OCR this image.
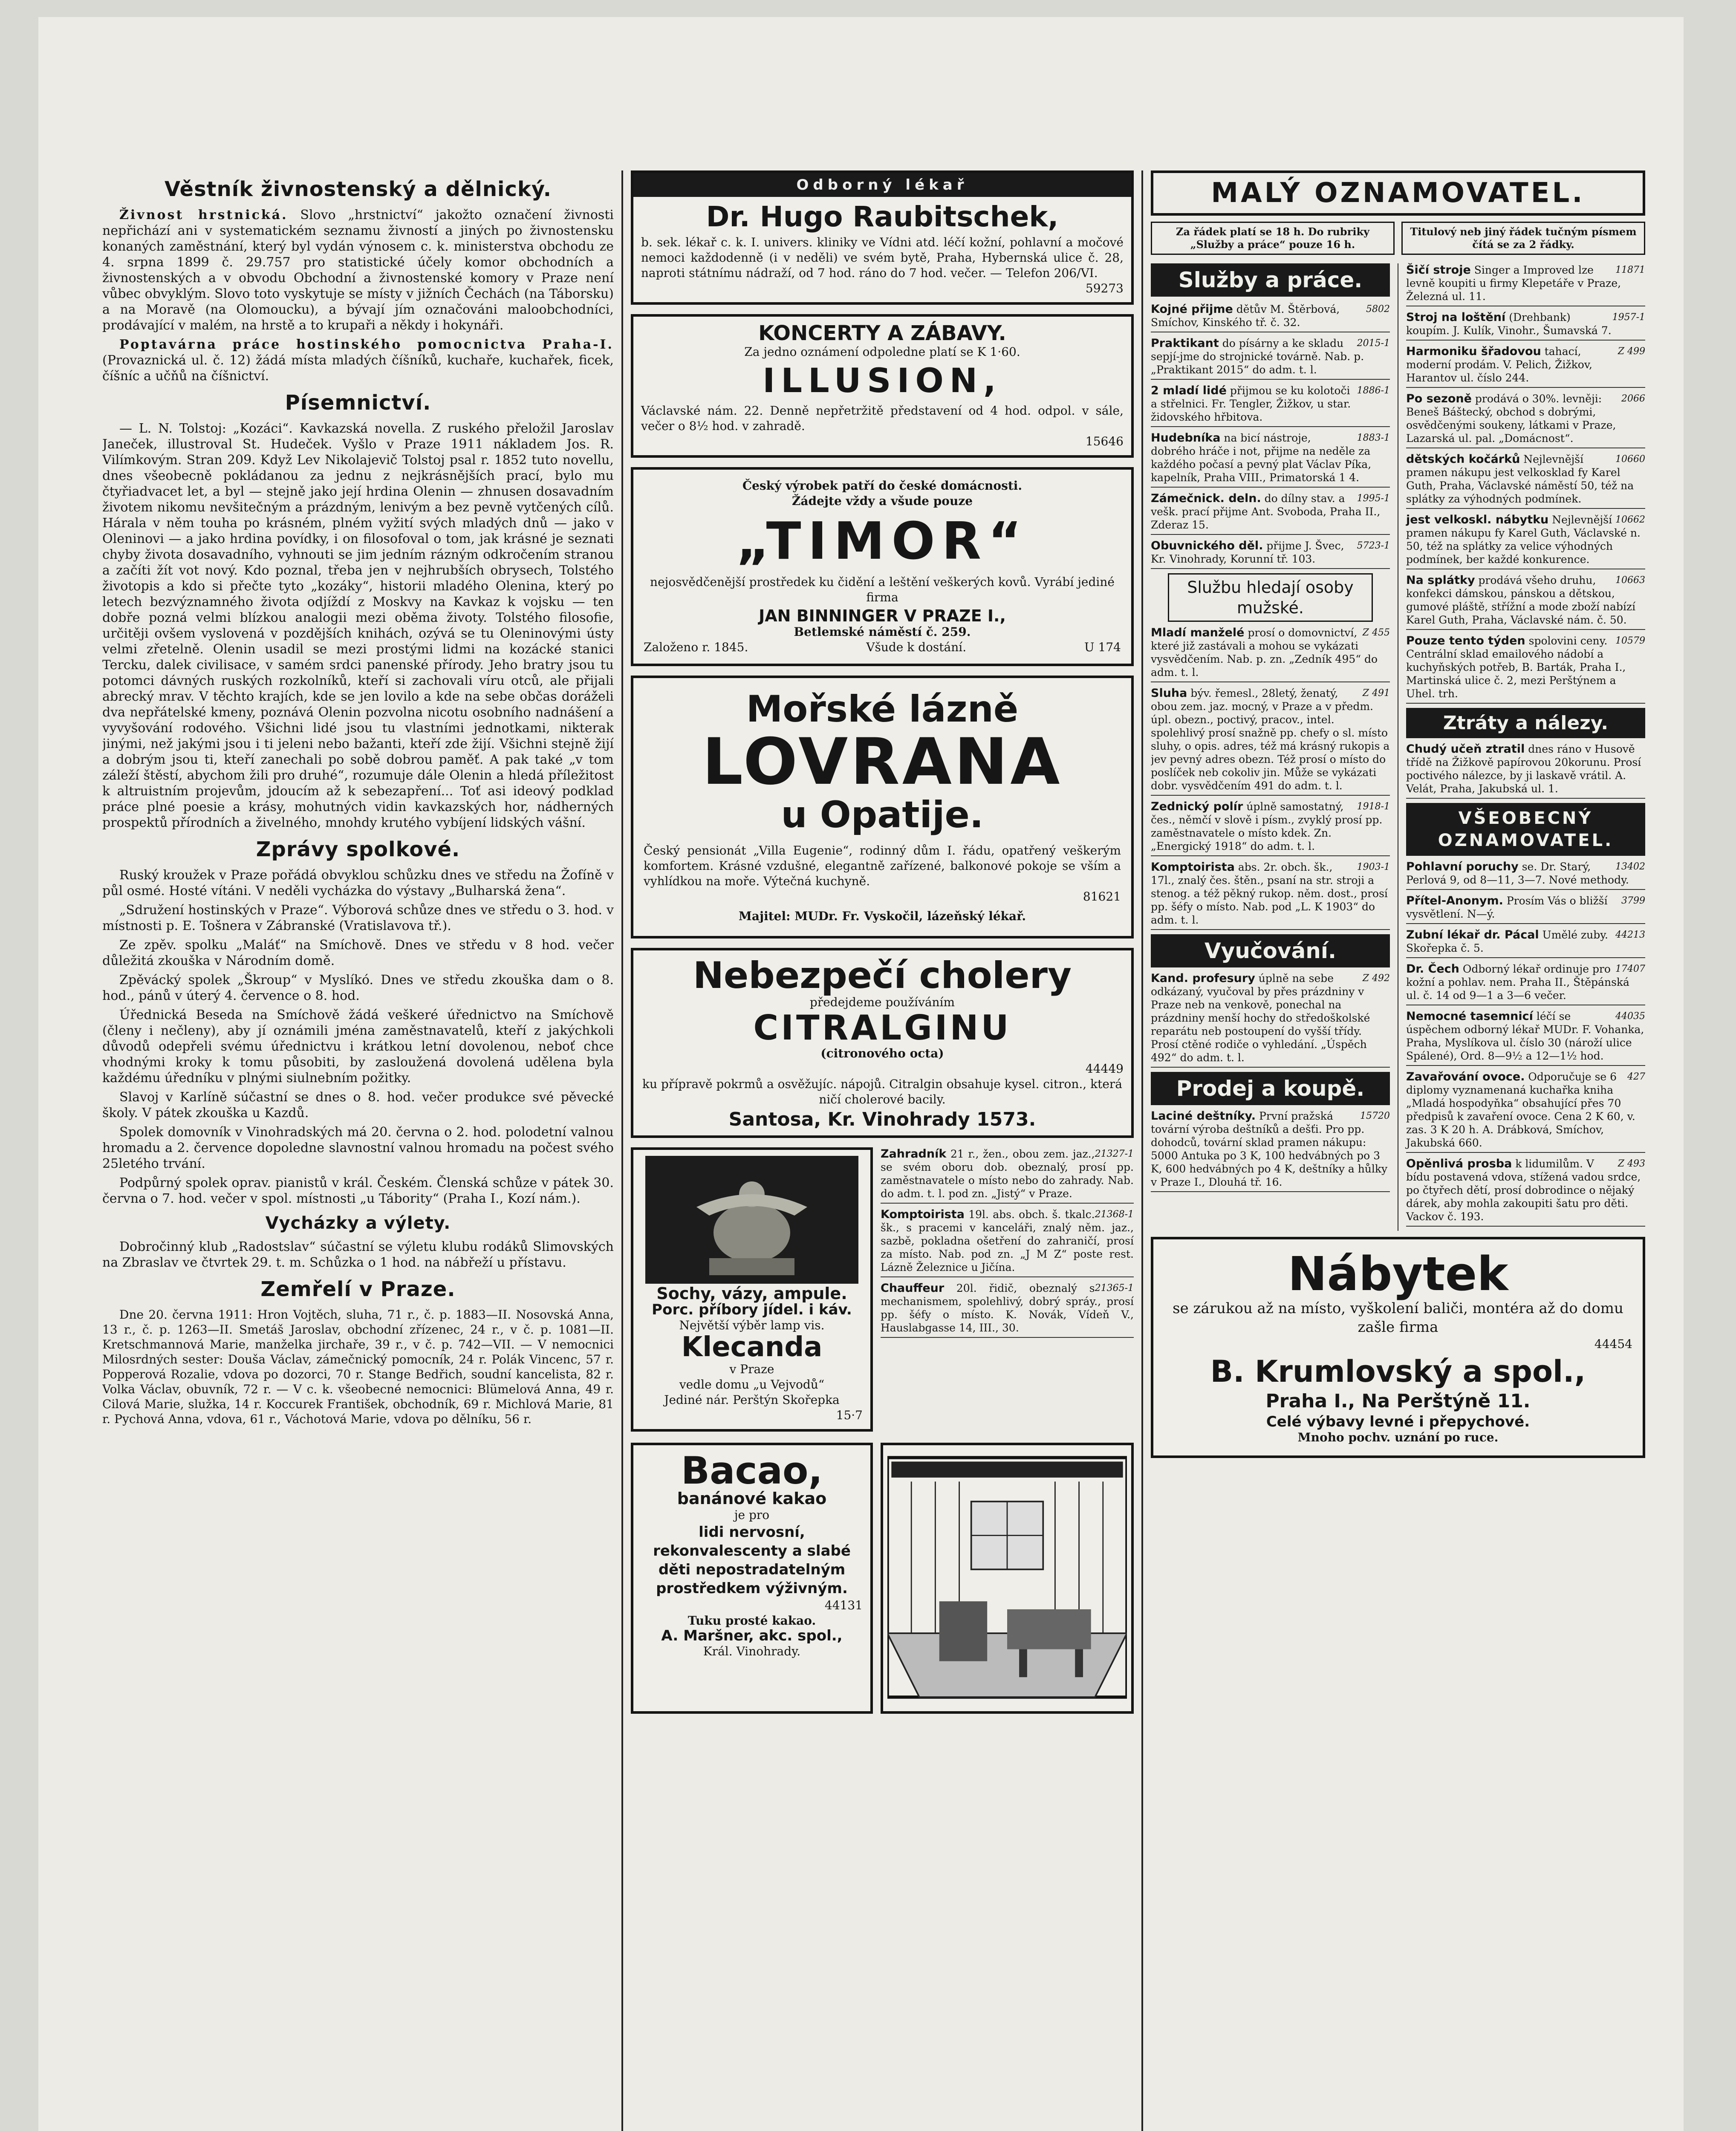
Věstník živnostenský a dělnický.

Živnost hrstnická. Slovo „hrstnictví“ jakožto označení živnosti nepřichází ani v systematickém seznamu živností a jiných po živnostensku konaných zaměstnání, který byl vydán výnosem c. k. ministerstva obchodu ze 4. srpna 1899 č. 29.757 pro statistické účely komor obchodních a živnostenských a v obvodu Obchodní a živnostenské komory v Praze není vůbec obvyklým. Slovo toto vyskytuje se místy v jižních Čechách (na Táborsku) a na Moravě (na Olomoucku), a bývají jím označováni maloobchodníci, prodávající v malém, na hrstě a to krupaři a někdy i hokynáři.

Poptavárna práce hostinského pomocnictva Praha-I. (Provaznická ul. č. 12) žádá místa mladých číšníků, kuchaře, kuchařek, ficek, číšníc a učňů na číšnictví.

Písemnictví.

— L. N. Tolstoj: „Kozáci“. Kavkazská novella. Z ruského přeložil Jaroslav Janeček, illustroval St. Hudeček. Vyšlo v Praze 1911 nákladem Jos. R. Vilímkovým. Stran 209. Když Lev Nikolajevič Tolstoj psal r. 1852 tuto novellu, dnes všeobecně pokládanou za jednu z nejkrásnějších prací, bylo mu čtyřiadvacet let, a byl — stejně jako její hrdina Olenin — zhnusen dosavadním životem nikomu nevšitečným a prázdným, lenivým a bez pevně vytčených cílů. Hárala v něm touha po krásném, plném vyžití svých mladých dnů — jako v Oleninovi — a jako hrdina povídky, i on filosofoval o tom, jak krásné je seznati chyby života dosavadního, vyhnouti se jim jedním rázným odkročením stranou a začíti žít vot nový. Kdo poznal, třeba jen v nejhrubších obrysech, Tolstého životopis a kdo si přečte tyto „kozáky“, historii mladého Olenina, který po letech bezvýznamného života odjíždí z Moskvy na Kavkaz k vojsku — ten dobře pozná velmi blízkou analogii mezi oběma životy. Tolstého filosofie, určitěji ovšem vyslovená v pozdějších knihách, ozývá se tu Oleninovými ústy velmi zřetelně. Olenin usadil se mezi prostými lidmi na kozácké stanici Tercku, dalek civilisace, v samém srdci panenské přírody. Jeho bratry jsou tu potomci dávných ruských rozkolníků, kteří si zachovali víru otců, ale přijali abrecký mrav. V těchto krajích, kde se jen lovilo a kde na sebe občas doráželi dva nepřátelské kmeny, poznává Olenin pozvolna nicotu osobního nadnášení a vyvyšování rodového. Všichni lidé jsou tu vlastními jednotkami, nikterak jinými, než jakými jsou i ti jeleni nebo bažanti, kteří zde žijí. Všichni stejně žijí a dobrým jsou ti, kteří zanechali po sobě dobrou paměť. A pak také „v tom záleží štěstí, abychom žili pro druhé“, rozumuje dále Olenin a hledá příležitost k altruistním projevům, jdoucím až k sebezapření... Toť asi ideový podklad práce plné poesie a krásy, mohutných vidin kavkazských hor, nádherných prospektů přírodních a živelného, mnohdy krutého vybíjení lidských vášní.

Zprávy spolkové.

Ruský kroužek v Praze pořádá obvyklou schůzku dnes ve středu na Žofíně v půl osmé. Hosté vítáni. V neděli vycházka do výstavy „Bulharská žena“.

„Sdružení hostinských v Praze“. Výborová schůze dnes ve středu o 3. hod. v místnosti p. E. Tošnera v Zábranské (Vratislavova tř.).

Ze zpěv. spolku „Maláť“ na Smíchově. Dnes ve středu v 8 hod. večer důležitá zkouška v Národním domě.

Zpěvácký spolek „Škroup“ v Myslíkó. Dnes ve středu zkouška dam o 8. hod., pánů v úterý 4. července o 8. hod.

Úřednická Beseda na Smíchově žádá veškeré úřednictvo na Smíchově (členy i nečleny), aby jí oznámili jména zaměstnavatelů, kteří z jakýchkoli důvodů odepřeli svému úřednictvu i krátkou letní dovolenou, neboť chce vhodnými kroky k tomu působiti, by zasloužená dovolená udělena byla každému úředníku v plnými siulnebním požitky.

Slavoj v Karlíně súčastní se dnes o 8. hod. večer produkce své pěvecké školy. V pátek zkouška u Kazdů.

Spolek domovník v Vinohradských má 20. června o 2. hod. polodetní valnou hromadu a 2. července dopoledne slavnostní valnou hromadu na počest svého 25letého trvání.

Podpůrný spolek oprav. pianistů v král. Českém. Členská schůze v pátek 30. června o 7. hod. večer v spol. místnosti „u Tábority“ (Praha I., Kozí nám.).

Vycházky a výlety.

Dobročinný klub „Radostslav“ súčastní se výletu klubu rodáků Slimovských na Zbraslav ve čtvrtek 29. t. m. Schůzka o 1 hod. na nábřeží u přístavu.

Zemřelí v Praze.

Dne 20. června 1911: Hron Vojtěch, sluha, 71 r., č. p. 1883—II. Nosovská Anna, 13 r., č. p. 1263—II. Smetáš Jaroslav, obchodní zřízenec, 24 r., v č. p. 1081—II. Kretschmannová Marie, manželka jirchaře, 39 r., v č. p. 742—VII. — V nemocnici Milosrdných sester: Douša Václav, zámečnický pomocník, 24 r. Polák Vincenc, 57 r. Popperová Rozalie, vdova po dozorci, 70 r. Stange Bedřich, soudní kancelista, 82 r. Volka Václav, obuvník, 72 r. — V c. k. všeobecné nemocnici: Blümelová Anna, 49 r. Cilová Marie, služka, 14 r. Koccurek František, obchodník, 69 r. Michlová Marie, 81 r. Pychová Anna, vdova, 61 r., Váchotová Marie, vdova po dělníku, 56 r.

Odborný lékař
Dr. Hugo Raubitschek,
b. sek. lékař c. k. I. univers. kliniky ve Vídni atd. léčí kožní, pohlavní a močové nemoci každodenně (i v neděli) ve svém bytě, Praha, Hybernská ulice č. 28, naproti státnímu nádraží, od 7 hod. ráno do 7 hod. večer. — Telefon 206/VI.
59273
KONCERTY A ZÁBAVY.
Za jedno oznámení odpoledne platí se K 1·60.
ILLUSION,
Václavské nám. 22. Denně nepřetržitě představení od 4 hod. odpol. v sále, večer o 8½ hod. v zahradě.
15646
Český výrobek patří do české domácnosti.
Žádejte vždy a všude pouze
„TIMOR“
nejosvědčenější prostředek ku čidění a leštění veškerých kovů. Vyrábí jediné firma
JAN BINNINGER V PRAZE I.,
Betlemské náměstí č. 259.
Založeno r. 1845.	Všude k dostání.	U 174
Mořské lázně
LOVRANA
u Opatije.
Český pensionát „Villa Eugenie“, rodinný dům I. řádu, opatřený veškerým komfortem. Krásné vzdušné, elegantně zařízené, balkonové pokoje se vším a vyhlídkou na moře. Výtečná kuchyně.
81621
Majitel: MUDr. Fr. Vyskočil, lázeňský lékař.
Nebezpečí cholery
předejdeme používáním
CITRALGINU
(citronového octa)
44449
ku přípravě pokrmů a osvěžujíc. nápojů. Citralgin obsahuje kysel. citron., která ničí cholerové bacily.
Santosa, Kr. Vinohrady 1573.
Sochy, vázy, ampule.
Porc. příbory jídel. i káv.
Největší výběr lamp vis.
Klecanda
v Praze
vedle domu „u Vejvodů“
Jediné nár. Perštýn Skořepka
15·7
Zahradník	21327-1
21 r., žen., obou zem. jaz., se svém oboru dob. obeznalý, prosí pp. zaměstnavatele o místo nebo do zahrady. Nab. do adm. t. l. pod zn. „Jistý“ v Praze.
Komptoirista	21368-1
19l. abs. obch. š. tkalc. šk., s pracemi v kanceláři, znalý něm. jaz., sazbě, pokladna ošetření do zahraničí, prosí za místo. Nab. pod zn. „J M Z“ poste rest. Lázně Železnice u Jičína.
Chauffeur	21365-1
20l. řidič, obeznalý s mechanismem, spolehlivý, dobrý spráy., prosí pp. šéfy o místo. K. Novák, Vídeň V., Hauslabgasse 14, III., 30.
Bacao,
banánové kakao
je pro
lidi nervosní, rekonvalescenty a slabé děti nepostradatelným prostředkem výživným.
44131
Tuku prosté kakao.
A. Maršner, akc. spol.,
Král. Vinohrady.
MALÝ OZNAMOVATEL.
Za řádek platí se 18 h. Do rubriky „Služby a práce“ pouze 16 h.
Titulový neb jiný řádek tučným písmem čítá se za 2 řádky.
Služby a práce.
Kojné přijme	5802
dětův M. Štěrbová, Smíchov, Kinského tř. č. 32.
Praktikant	2015-1
do písárny a ke skladu sepjí-jme do strojnické továrně. Nab. p. „Praktikant 2015“ do adm. t. l.
2 mladí lidé	1886-1
přijmou se ku kolotoči a střelnici. Fr. Tengler, Žižkov, u star. židovského hřbitova.
Hudebníka	1883-1
na bicí nástroje, dobrého hráče i not, přijme na neděle za každého počasí a pevný plat Václav Píka, kapelník, Praha VIII., Primatorská 1 4.
Zámečnick. deln.	1995-1
do dílny stav. a vešk. prací přijme Ant. Svoboda, Praha II., Zderaz 15.
Obuvnického děl.	5723-1
přijme J. Švec, Kr. Vinohrady, Korunní tř. 103.
Službu hledají osoby mužské.
Mladí manželé	Z 455
prosí o domovnictví, které již zastávali a mohou se vykázati vysvědčením. Nab. p. zn. „Zedník 495“ do adm. t. l.
Sluha	Z 491
býv. řemesl., 28letý, ženatý, obou zem. jaz. mocný, v Praze a v předm. úpl. obezn., poctivý, pracov., intel. spolehlivý prosí snažně pp. chefy o sl. místo sluhy, o opis. adres, též má krásný rukopis a jev pevný adres obezn. Též prosí o místo do poslíček neb cokoliv jin. Může se vykázati dobr. vysvědčením 491 do adm. t. l.
Zednický polír	1918-1
úplně samostatný, čes., němčí v slově i písm., zvyklý prosí pp. zaměstnavatele o místo kdek. Zn. „Energický 1918“ do adm. t. l.
Komptoiristа	1903-1
abs. 2r. obch. šk., 17l., znalý čes. štěn., psaní na str. stroji a stenog. a též pěkný rukop. něm. dost., prosí pp. šéfy o místo. Nab. pod „L. K 1903“ do adm. t. l.
Vyučování.
Kand. profesury	Z 492
úplně na sebe odkázaný, vyučoval by přes prázdniny v Praze neb na venkově, ponechal na prázdniny menší hochy do středoškolské reparátu neb postoupení do vyšší třídy. Prosí ctěné rodiče o vyhledání. „Úspěch 492“ do adm. t. l.
Prodej a koupě.
Laciné deštníky.	15720
První pražská tovární výroba deštníků a dešťi. Pro pp. dohodců, tovární sklad pramen nákupu: 5000 Antuka po 3 K, 100 hedvábných po 3 K, 600 hedvábných po 4 K, deštníky a hůlky v Praze I., Dlouhá tř. 16.
Šičí stroje	11871
Singer a Improved lze levně koupiti u firmy Klepetáře v Praze, Železná ul. 11.
Stroj na loštění	1957-1
(Drehbank) koupím. J. Kulík, Vinohr., Šumavská 7.
Harmoniku šřadovou	Z 499
tahací, moderní prodám. V. Pelich, Žižkov, Harantov ul. číslo 244.
Po sezoně	2066
prodává o 30%. levněji: Beneš Báštecký, obchod s dobrými, osvědčenými soukeny, látkami v Praze, Lazarská ul. pal. „Domácnost“.
dětských kočárků	10660
Nejlevnější pramen nákupu jest velkosklad fy Karel Guth, Praha, Václavské náměstí 50, též na splátky za výhodných podmínek.
jest velkoskl. nábytku	10662
Nejlevnější pramen nákupu fy Karel Guth, Václavské n. 50, též na splátky za velice výhodných podmínek, ber každé konkurence.
Na splátky	10663
prodává všeho druhu, konfekci dámskou, pánskou a dětskou, gumové pláště, střížní a mode zboží nabízí Karel Guth, Praha, Václavské nám. č. 50.
Pouze tento týden	10579
spolovini ceny. Centrální sklad emailového nádobí a kuchyňských potřeb, B. Barták, Praha I., Martinská ulice č. 2, mezi Perštýnem a Uhel. trh.
Ztráty a nálezy.
Chudý učeň ztratil dnes ráno v Husově třídě na Žižkově papírovou 20korunu. Prosí poctivého nálezce, by ji laskavě vrátil. A. Velát, Praha, Jakubská ul. 1.
VŠEOBECNÝ OZNAMOVATEL.
Pohlavní poruchy	13402
se. Dr. Starý, Perlová 9, od 8—11, 3—7. Nové methody.
Přítel-Anonym.	3799
Prosím Vás o bližší vysvětlení. N—ý.
Zubní lékař dr. Pácal	44213
Umělé zuby. Skořepka č. 5.
Dr. Čech	17407
Odborný lékař ordinuje pro kožní a pohlav. nem. Praha II., Štěpánská ul. č. 14 od 9—1 a 3—6 večer.
Nemocné tasemnicí	44035
léčí se úspěchem odborný lékař MUDr. F. Vohanka, Praha, Myslíkova ul. číslo 30 (nároží ulice Spálené), Ord. 8—9½ a 12—1½ hod.
Zavařování ovoce.	427
Odporučuje se 6 diplomy vyznamenaná kuchařka kniha „Mladá hospodyňka“ obsahující přes 70 předpisů k zavaření ovoce. Cena 2 K 60, v. zas. 3 K 20 h. A. Drábková, Smíchov, Jakubská 660.
Opěnlivá prosba	Z 493
k lidumilům. V bídu postavená vdova, stížená vadou srdce, po čtyřech dětí, prosí dobrodince o nějaký dárek, aby mohla zakoupiti šatu pro děti. Vackov č. 193.
Nábytek
se zárukou až na místo, vyškolení baliči, montéra až do domu zašle firma
44454
B. Krumlovský a spol.,
Praha I., Na Perštýně 11.
Celé výbavy levné i přepychové.
Mnoho pochv. uznání po ruce.
